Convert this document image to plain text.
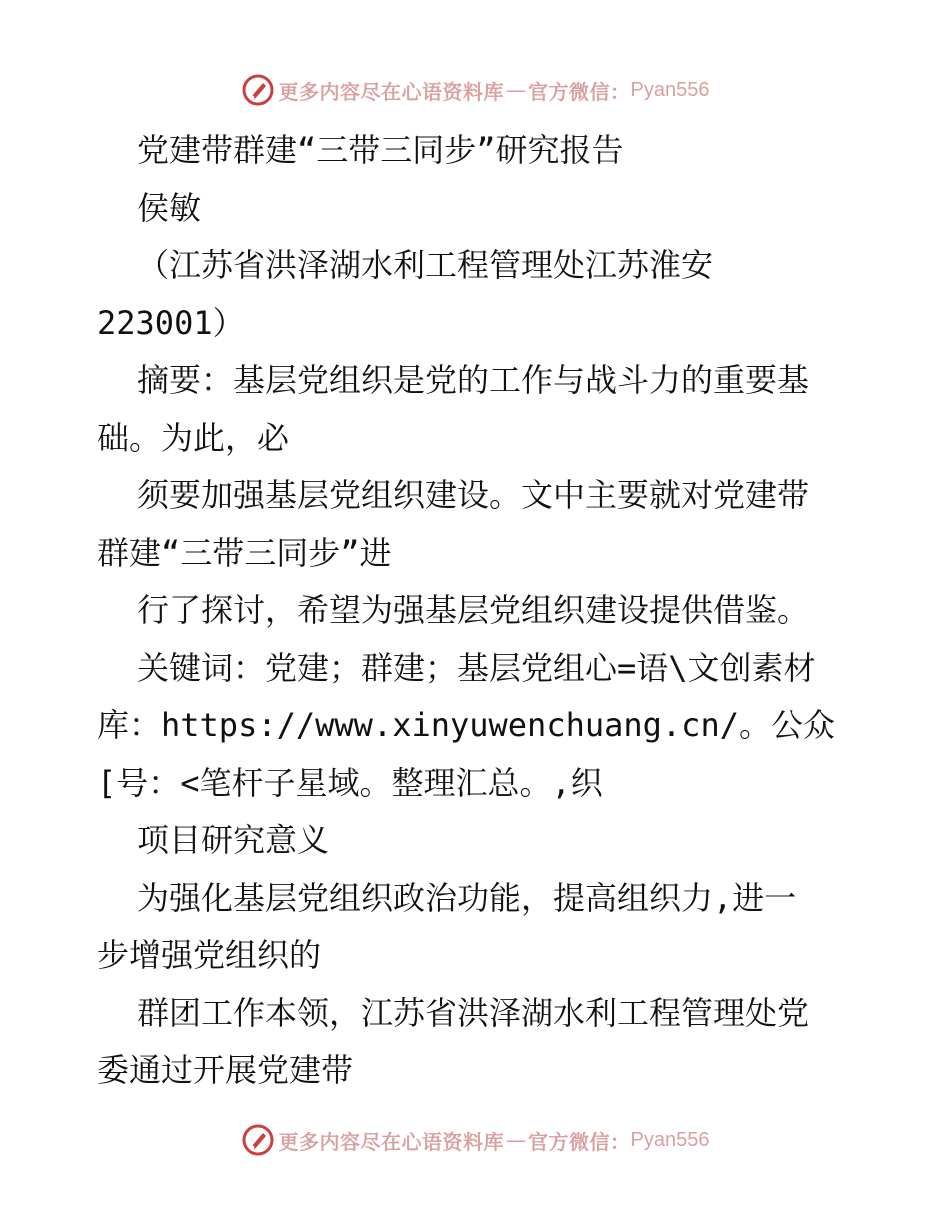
更多内容尽在心语资料库 — 官方微信： Pyan556
党建带群建“三带三同步”研究报告
侯敏
（江苏省洪泽湖水利工程管理处江苏淮安
223001）
摘要：基层党组织是党的工作与战斗力的重要基
础。为此，必
须要加强基层党组织建设。文中主要就对党建带
群建“三带三同步”进
行了探讨，希望为强基层党组织建设提供借鉴。
关键词：党建；群建；基层党组心=语\文创素材
库：https://www.xinyuwenchuang.cn/。公众
[号：<笔杆子星域。整理汇总。,织
项目研究意义
为强化基层党组织政治功能，提高组织力,进一
步增强党组织的
群团工作本领，江苏省洪泽湖水利工程管理处党
委通过开展党建带
更多内容尽在心语资料库 — 官方微信： Pyan556
